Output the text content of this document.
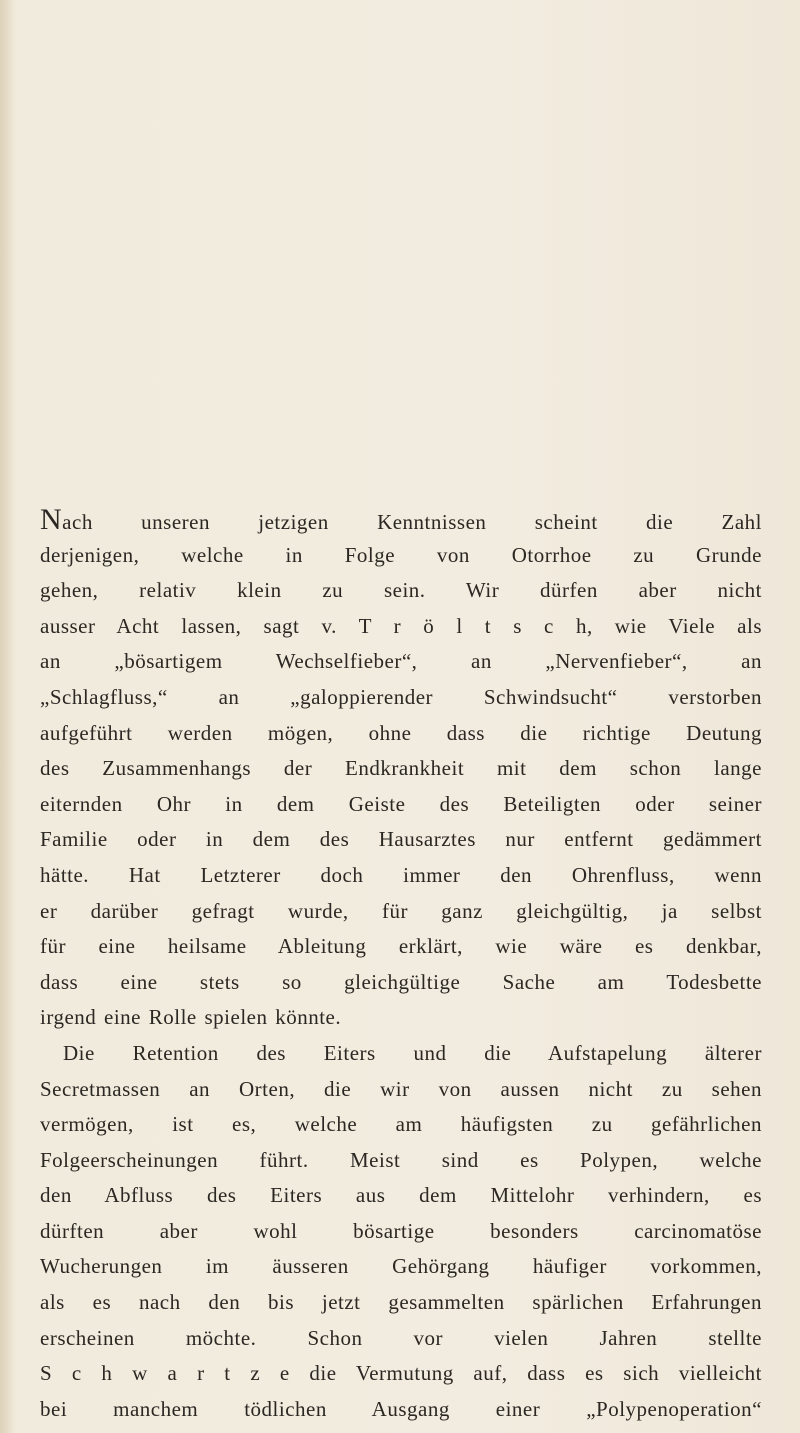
Nach unseren jetzigen Kenntnissen scheint die Zahl
derjenigen, welche in Folge von Otorrhoe zu Grunde
gehen, relativ klein zu sein. Wir dürfen aber nicht
ausser Acht lassen, sagt v. T r ö l t s c h, wie Viele als
an „bösartigem Wechselfieber“, an „Nervenfieber“, an
„Schlagfluss,“ an „galoppierender Schwindsucht“ verstorben
aufgeführt werden mögen, ohne dass die richtige Deutung
des Zusammenhangs der Endkrankheit mit dem schon lange
eiternden Ohr in dem Geiste des Beteiligten oder seiner
Familie oder in dem des Hausarztes nur entfernt gedämmert
hätte. Hat Letzterer doch immer den Ohrenfluss, wenn
er darüber gefragt wurde, für ganz gleichgültig, ja selbst
für eine heilsame Ableitung erklärt, wie wäre es denkbar,
dass eine stets so gleichgültige Sache am Todesbette
irgend eine Rolle spielen könnte.
Die Retention des Eiters und die Aufstapelung älterer
Secretmassen an Orten, die wir von aussen nicht zu sehen
vermögen, ist es, welche am häufigsten zu gefährlichen
Folgeerscheinungen führt. Meist sind es Polypen, welche
den Abfluss des Eiters aus dem Mittelohr verhindern, es
dürften aber wohl bösartige besonders carcinomatöse
Wucherungen im äusseren Gehörgang häufiger vorkommen,
als es nach den bis jetzt gesammelten spärlichen Erfahrungen
erscheinen möchte. Schon vor vielen Jahren stellte
S c h w a r t z e die Vermutung auf, dass es sich vielleicht
bei manchem tödlichen Ausgang einer „Polypenoperation“
